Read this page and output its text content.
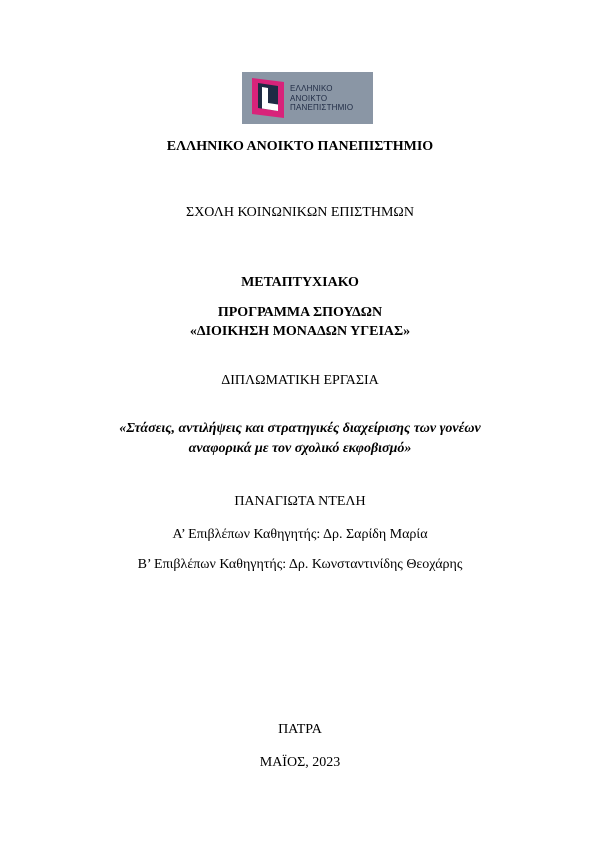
ΕΛΛΗΝΙΚΟ
ΑΝΟΙΚΤΟ
ΠΑΝΕΠΙΣΤΗΜΙΟ
ΕΛΛΗΝΙΚΟ ΑΝΟΙΚΤΟ ΠΑΝΕΠΙΣΤΗΜΙΟ
ΣΧΟΛΗ ΚΟΙΝΩΝΙΚΩΝ ΕΠΙΣΤΗΜΩΝ
ΜΕΤΑΠΤΥΧΙΑΚΟ
ΠΡΟΓΡΑΜΜΑ ΣΠΟΥΔΩΝ
«ΔΙΟΙΚΗΣΗ ΜΟΝΑΔΩΝ ΥΓΕΙΑΣ»
ΔΙΠΛΩΜΑΤΙΚΗ ΕΡΓΑΣΙΑ
«Στάσεις, αντιλήψεις και στρατηγικές διαχείρισης των γονέων
αναφορικά με τον σχολικό εκφοβισμό»
ΠΑΝΑΓΙΩΤΑ ΝΤΕΛΗ
Α’ Επιβλέπων Καθηγητής: Δρ. Σαρίδη Μαρία
Β’ Επιβλέπων Καθηγητής: Δρ. Κωνσταντινίδης Θεοχάρης
ΠΑΤΡΑ
ΜΑΪΟΣ, 2023
